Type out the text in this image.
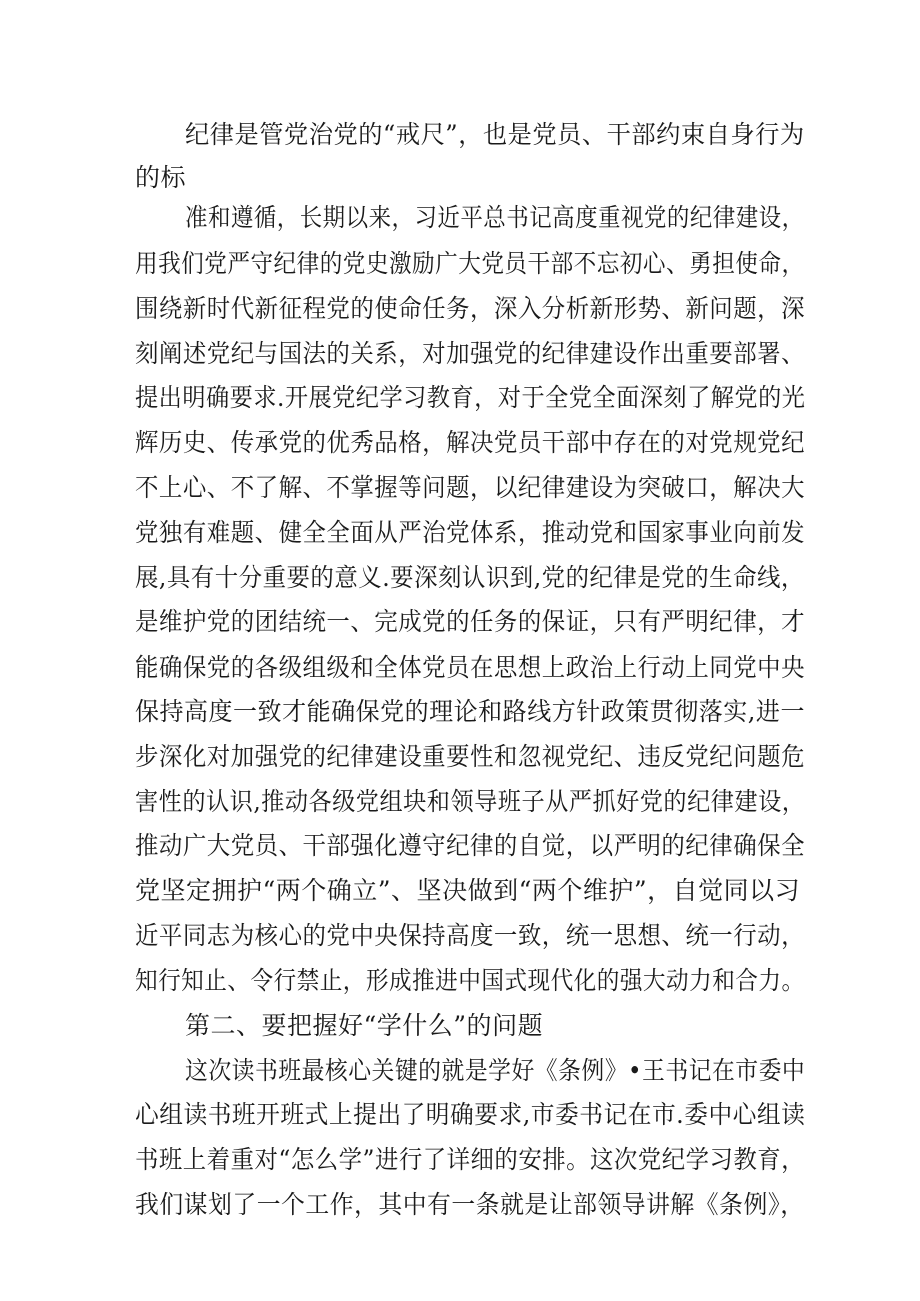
纪律是管党治党的“戒尺”，也是党员、干部约束自身行为
的标
准和遵循，长期以来，习近平总书记高度重视党的纪律建设，
用我们党严守纪律的党史激励广大党员干部不忘初心、勇担使命，
围绕新时代新征程党的使命任务，深入分析新形势、新问题，深
刻阐述党纪与国法的关系，对加强党的纪律建设作出重要部署、
提出明确要求.开展党纪学习教育，对于全党全面深刻了解党的光
辉历史、传承党的优秀品格，解决党员干部中存在的对党规党纪
不上心、不了解、不掌握等问题，以纪律建设为突破口，解决大
党独有难题、健全全面从严治党体系，推动党和国家事业向前发
展,具有十分重要的意义.要深刻认识到,党的纪律是党的生命线，
是维护党的团结统一、完成党的任务的保证，只有严明纪律，才
能确保党的各级组级和全体党员在思想上政治上行动上同党中央
保持高度一致才能确保党的理论和路线方针政策贯彻落实,进一
步深化对加强党的纪律建设重要性和忽视党纪、违反党纪问题危
害性的认识,推动各级党组块和领导班子从严抓好党的纪律建设，
推动广大党员、干部强化遵守纪律的自觉，以严明的纪律确保全
党坚定拥护“两个确立”、坚决做到“两个维护”，自觉同以习
近平同志为核心的党中央保持高度一致，统一思想、统一行动，
知行知止、令行禁止，形成推进中国式现代化的强大动力和合力。
第二、要把握好“学什么”的问题
这次读书班最核心关键的就是学好《条例》•王书记在市委中
心组读书班开班式上提出了明确要求,市委书记在市.委中心组读
书班上着重对“怎么学”进行了详细的安排。这次党纪学习教育，
我们谋划了一个工作，其中有一条就是让部领导讲解《条例》，
